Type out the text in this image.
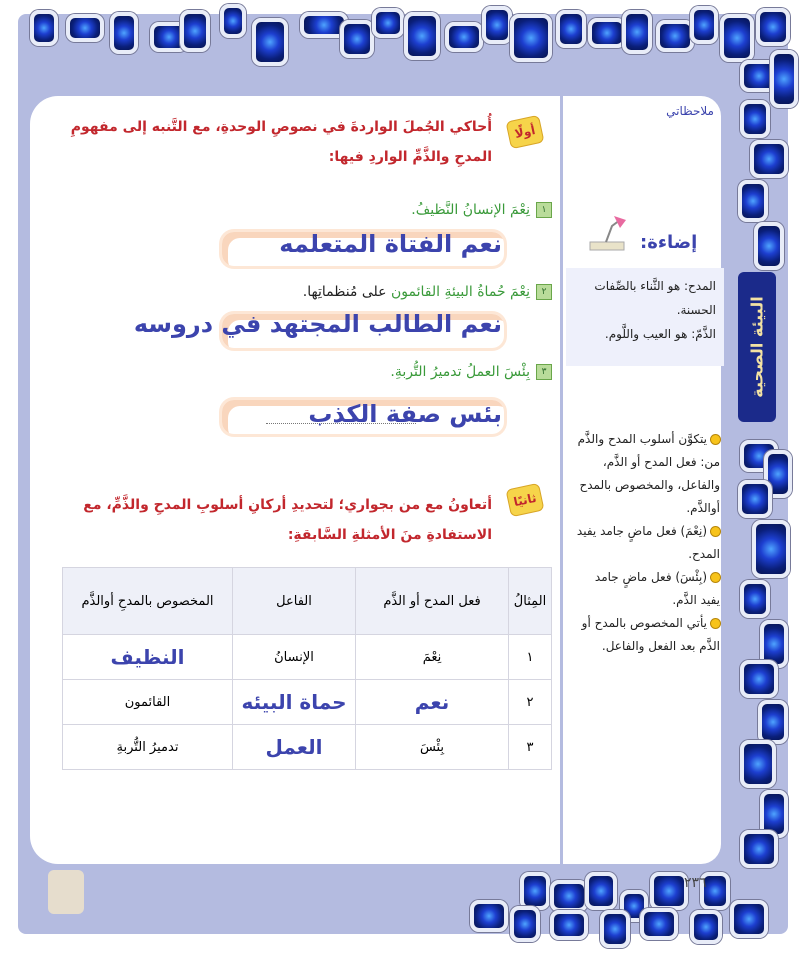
أولًا
أُحاكي الجُملَ الواردةَ في نصوصِ الوحدةِ، مع التَّنبه إلى مفهومِ
المدحِ والذَّمِّ الواردِ فيها:
١نِعْمَ الإنسانُ النَّظيفُ.
نعم الفتاة المتعلمه
٢نِعْمَ حُماةُ البيئةِ القائمون على مُنظماتِها.
نعم الطالب المجتهد في دروسه
٣بِئْسَ العملُ تدميرُ التُّربةِ.
بئس صفة الكذب
ثانيًا
أتعاونُ مع من بجواري؛ لتحديدِ أركانِ أسلوبِ المدحِ والذَّمِّ، مع
الاستفادةِ منَ الأمثلةِ السَّابقةِ:
المِثالُ	فعل المدح أو الذَّم	الفاعل	المخصوص بالمدحِ أوالذَّم
١	نِعْمَ	الإنسانُ	النظيف
٢	نعم	حماة البيئه	القائمون
٣	بِئْسَ	العمل	تدميرُ التُّربةِ
ملاحظاتي
إضاءة:
المدح: هو الثَّناء بالصِّفات
الحسنة.
الذَّمّ: هو العيب واللَّوم. البيئة الصحية
يتكوَّن أسلوب المدح والذَّم من: فعل المدح أو الذَّم، والفاعل، والمخصوص بالمدح أوالذَّم.
(نِعْمَ) فعل ماضٍ جامد يفيد المدح.
(بِئْسَ) فعل ماضٍ جامد يفيد الذَّم.
يأتي المخصوص بالمدح أو الذَّم بعد الفعل والفاعل.
٢٣٦
